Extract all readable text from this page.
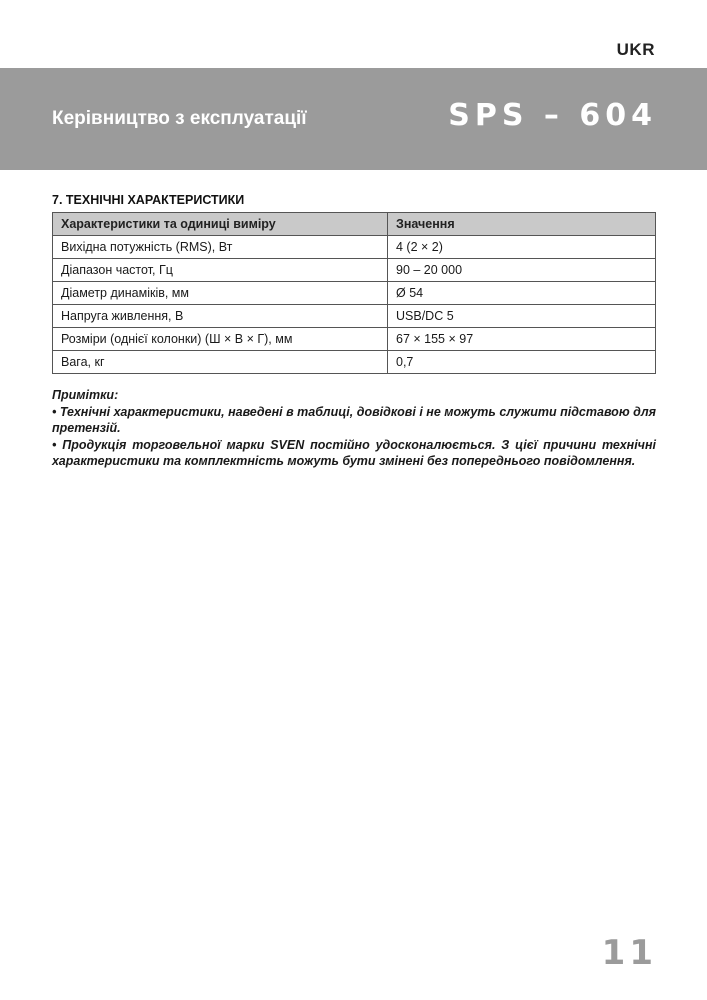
UKR
Керівництво з експлуатації	SPS – 604
7. ТЕХНІЧНІ ХАРАКТЕРИСТИКИ
Характеристики та одиниці виміру	Значення
Вихідна потужність (RMS), Вт	4 (2 × 2)
Діапазон частот, Гц	90 – 20 000
Діаметр динаміків, мм	Ø 54
Напруга живлення, В	USB/DC 5
Розміри (однієї колонки) (Ш × В × Г), мм	67 × 155 × 97
Вага, кг	0,7

Примітки:

• Технічні характеристики, наведені в таблиці, довідкові і не можуть служити підставою для претензій.

• Продукція торговельної марки SVEN постійно удосконалюється. З цієї причини технічні характеристики та комплектність можуть бути змінені без попереднього повідомлення.

11
